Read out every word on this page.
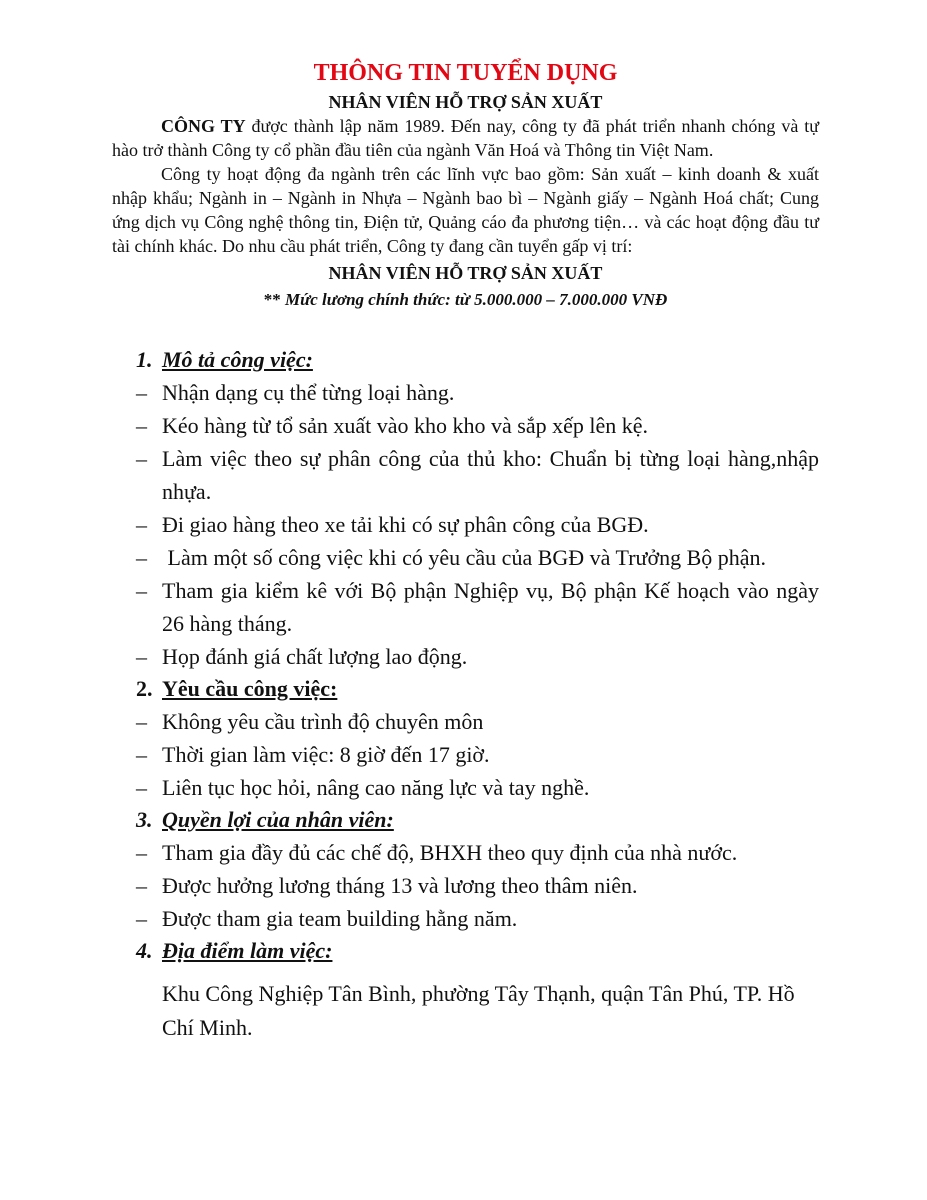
THÔNG TIN TUYỂN DỤNG
NHÂN VIÊN HỖ TRỢ SẢN XUẤT

CÔNG TY được thành lập năm 1989. Đến nay, công ty đã phát triển nhanh chóng và tự hào trở thành Công ty cổ phần đầu tiên của ngành Văn Hoá và Thông tin Việt Nam.

Công ty hoạt động đa ngành trên các lĩnh vực bao gồm: Sản xuất – kinh doanh & xuất nhập khẩu; Ngành in – Ngành in Nhựa – Ngành bao bì – Ngành giấy – Ngành Hoá chất; Cung ứng dịch vụ Công nghệ thông tin, Điện tử, Quảng cáo đa phương tiện… và các hoạt động đầu tư tài chính khác. Do nhu cầu phát triển, Công ty đang cần tuyển gấp vị trí:

NHÂN VIÊN HỖ TRỢ SẢN XUẤT
** Mức lương chính thức: từ 5.000.000 – 7.000.000 VNĐ
1. Mô tả công việc:
– Nhận dạng cụ thể từng loại hàng.
– Kéo hàng từ tổ sản xuất vào kho kho và sắp xếp lên kệ.
– Làm việc theo sự phân công của thủ kho: Chuẩn bị từng loại hàng,nhập nhựa.
– Đi giao hàng theo xe tải khi có sự phân công của BGĐ.
– Làm một số công việc khi có yêu cầu của BGĐ và Trưởng Bộ phận.
– Tham gia kiểm kê với Bộ phận Nghiệp vụ, Bộ phận Kế hoạch vào ngày 26 hàng tháng.
– Họp đánh giá chất lượng lao động.
2. Yêu cầu công việc:
– Không yêu cầu trình độ chuyên môn
– Thời gian làm việc: 8 giờ đến 17 giờ.
– Liên tục học hỏi, nâng cao năng lực và tay nghề.
3. Quyền lợi của nhân viên:
– Tham gia đầy đủ các chế độ, BHXH theo quy định của nhà nước.
– Được hưởng lương tháng 13 và lương theo thâm niên.
– Được tham gia team building hằng năm.
4. Địa điểm làm việc:
Khu Công Nghiệp Tân Bình, phường Tây Thạnh, quận Tân Phú, TP. Hồ Chí Minh.
